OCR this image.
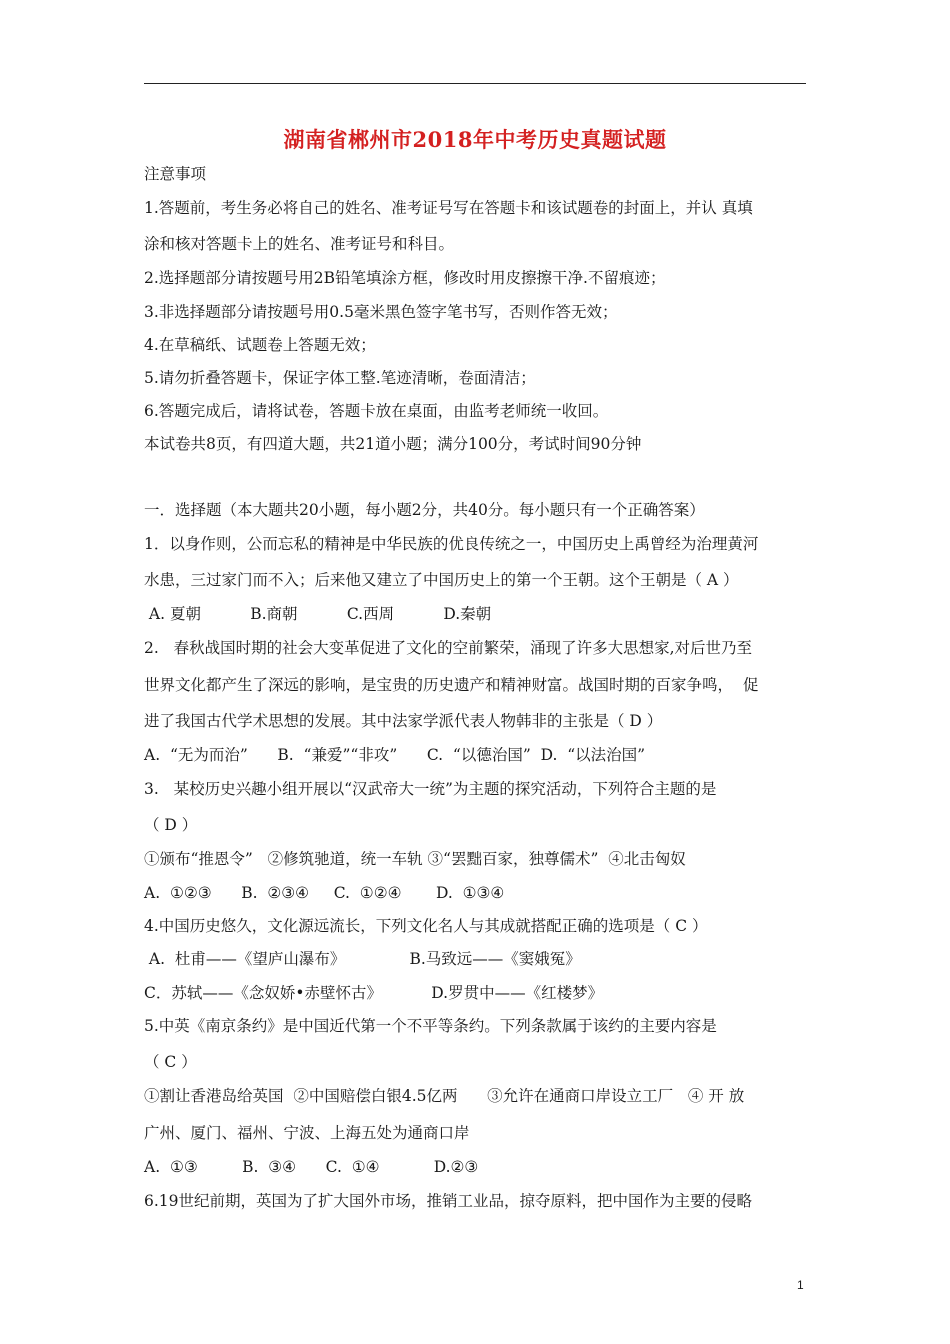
湖南省郴州市2018年中考历史真题试题
注意事项
1.答题前，考生务必将自己的姓名、准考证号写在答题卡和该试题卷的封面上，并认 真填
涂和核对答题卡上的姓名、准考证号和科目。
2.选择题部分请按题号用2B铅笔填涂方框，修改时用皮擦擦干净.不留痕迹；
3.非选择题部分请按题号用0.5毫米黑色签字笔书写，否则作答无效；
4.在草稿纸、试题卷上答题无效；
5.请勿折叠答题卡，保证字体工整.笔迹清晰，卷面清洁；
6.答题完成后，请将试卷，答题卡放在桌面，由监考老师统一收回。
本试卷共8页，有四道大题，共21道小题；满分100分，考试时间90分钟
一．选择题（本大题共20小题，每小题2分，共40分。每小题只有一个正确答案）
1．以身作则，公而忘私的精神是中华民族的优良传统之一，中国历史上禹曾经为治理黄河
水患，三过家门而不入；后来他又建立了中国历史上的第一个王朝。这个王朝是（ A ）
A. 夏朝          B.商朝          C.西周          D.秦朝
2.   春秋战国时期的社会大变革促进了文化的空前繁荣，涌现了许多大思想家,对后世乃至
世界文化都产生了深远的影响，是宝贵的历史遗产和精神财富。战国时期的百家争鸣，  促
进了我国古代学术思想的发展。其中法家学派代表人物韩非的主张是（ D ）
A.  “无为而治”      B.  “兼爱”“非攻”      C.  “以德治国”  D.  “以法治国”
3.   某校历史兴趣小组开展以“汉武帝大一统”为主题的探究活动，下列符合主题的是
（ D ）
①颁布“推恩令”   ②修筑驰道，统一车轨 ③“罢黜百家，独尊儒术”  ④北击匈奴
A.  ①②③      B.  ②③④     C.  ①②④       D.  ①③④
4.中国历史悠久，文化源远流长，下列文化名人与其成就搭配正确的选项是（ C ）
A.  杜甫——《望庐山瀑布》             B.马致远——《窦娥冤》
C．苏轼——《念奴娇•赤壁怀古》          D.罗贯中——《红楼梦》
5.中英《南京条约》是中国近代第一个不平等条约。下列条款属于该约的主要内容是
（ C ）
①割让香港岛给英国  ②中国赔偿白银4.5亿两      ③允许在通商口岸设立工厂   ④ 开 放
广州、厦门、福州、宁波、上海五处为通商口岸
A.  ①③         B.  ③④      C.  ①④           D.②③
6.19世纪前期，英国为了扩大国外市场，推销工业品，掠夺原料，把中国作为主要的侵略
1
